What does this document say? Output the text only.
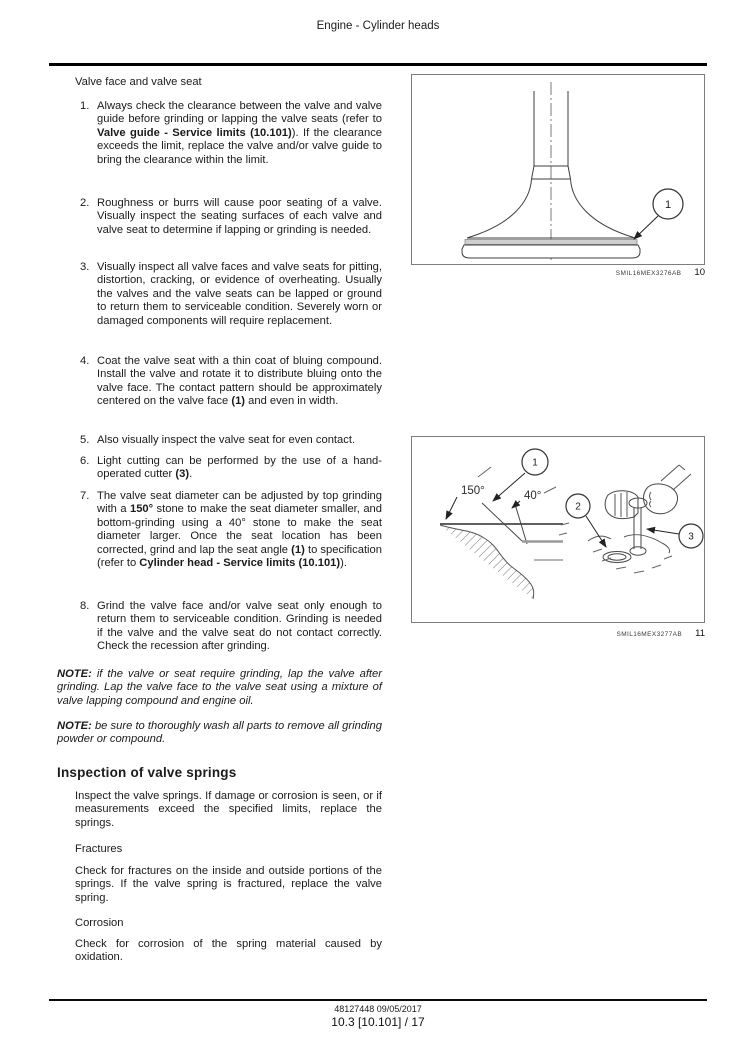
Engine - Cylinder heads

Valve face and valve seat

1. Always check the clearance between the valve and valve guide before grinding or lapping the valve seats (refer to Valve guide - Service limits (10.101)). If the clearance exceeds the limit, replace the valve and/or valve guide to bring the clearance within the limit.
2. Roughness or burrs will cause poor seating of a valve. Visually inspect the seating surfaces of each valve and valve seat to determine if lapping or grinding is needed.
3. Visually inspect all valve faces and valve seats for pitting, distortion, cracking, or evidence of overheating. Usually the valves and the valve seats can be lapped or ground to return them to serviceable condition. Severely worn or damaged components will require replacement.
4. Coat the valve seat with a thin coat of bluing compound. Install the valve and rotate it to distribute bluing onto the valve face. The contact pattern should be approximately centered on the valve face (1) and even in width.
5. Also visually inspect the valve seat for even contact.
6. Light cutting can be performed by the use of a hand-operated cutter (3).
7. The valve seat diameter can be adjusted by top grinding with a 150° stone to make the seat diameter smaller, and bottom-grinding using a 40° stone to make the seat diameter larger. Once the seat location has been corrected, grind and lap the seat angle (1) to specification (refer to Cylinder head - Service limits (10.101)).
8. Grind the valve face and/or valve seat only enough to return them to serviceable condition. Grinding is needed if the valve and the valve seat do not contact correctly. Check the recession after grinding.
NOTE: if the valve or seat require grinding, lap the valve after grinding. Lap the valve face to the valve seat using a mixture of valve lapping compound and engine oil.
NOTE: be sure to thoroughly wash all parts to remove all grinding powder or compound.
Inspection of valve springs

Inspect the valve springs. If damage or corrosion is seen, or if measurements exceed the specified limits, replace the springs.

Fractures

Check for fractures on the inside and outside portions of the springs. If the valve spring is fractured, replace the valve spring.

Corrosion

Check for corrosion of the spring material caused by oxidation.

1
SMIL16MEX3276AB 10
150°	40°
1
2
3
SMIL16MEX3277AB 11
48127448 09/05/2017
10.3 [10.101] / 17
